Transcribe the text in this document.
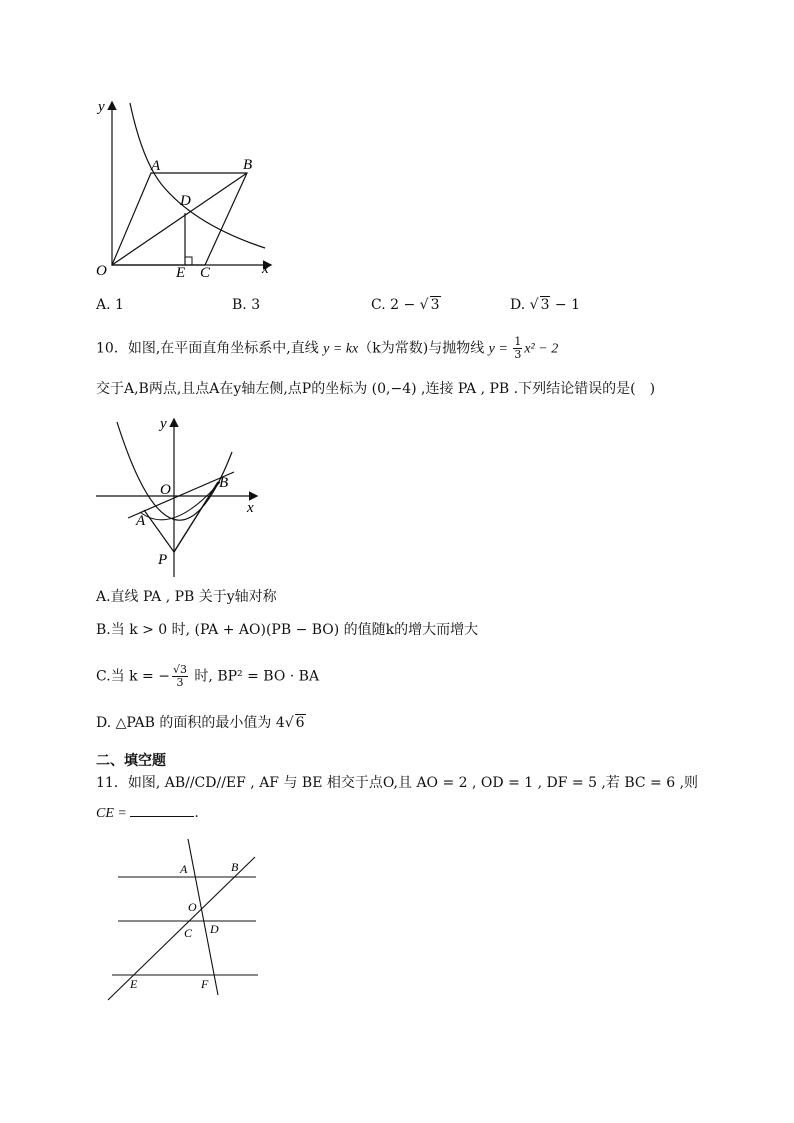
y
x
O
A	B
D
E C
A. 1	B. 3	C. 2 − √ 3	D. √ 3 − 1
10．如图,在平面直角坐标系中,直线 y = kx（k为常数)与抛物线 $y = \frac{1}{3} x^2 - 2$
交于A,B两点,且点A在y轴左侧,点P的坐标为 (0,−4) ,连接 PA , PB .下列结论错误的是(　)
y
x
O
A
B
P
A.直线 PA , PB 关于y轴对称
B.当 k > 0 时, (PA + AO)(PB − BO) 的值随k的增大而增大
C.当 k = − $\frac{√3}{3}$ 时, BP² = BO · BA
D. △PAB 的面积的最小值为 4√ 6
二、填空题
11．如图, AB//CD//EF , AF 与 BE 相交于点O,且 AO = 2 , OD = 1 , DF = 5 ,若 BC = 6 ,则
CE =	.
A	B
O
C D
E	F
